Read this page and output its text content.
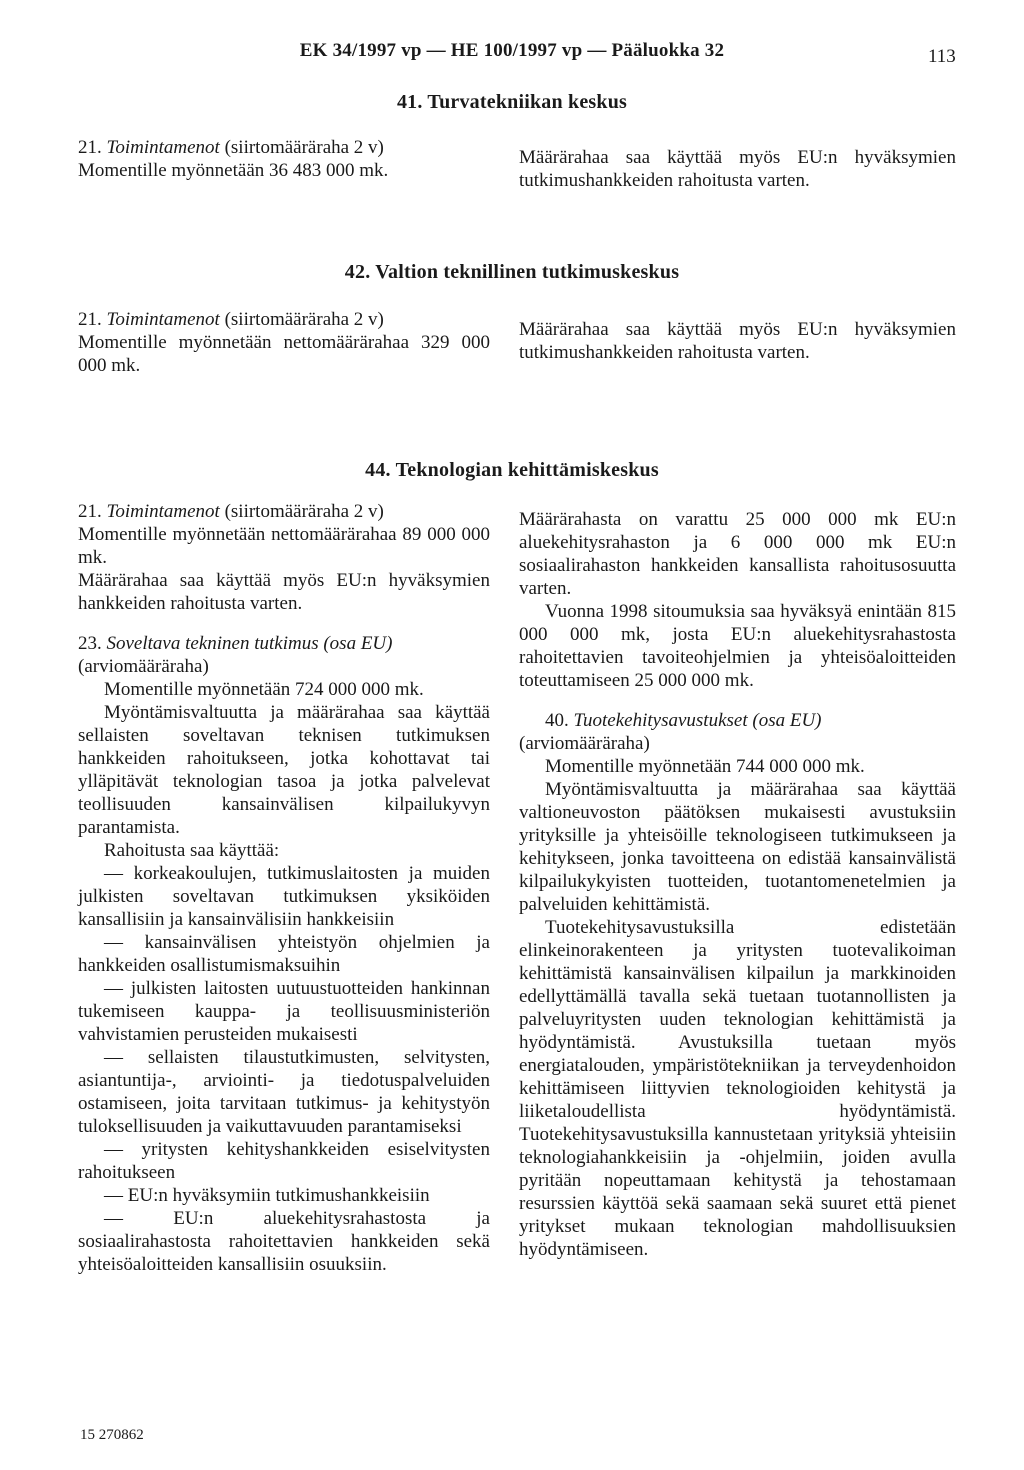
EK 34/1997 vp — HE 100/1997 vp — Pääluokka 32	113
41. Turvatekniikan keskus

21. Toimintamenot (siirtomääräraha 2 v)

Momentille myönnetään 36 483 000 mk.

Määrärahaa saa käyttää myös EU:n hyväksymien tutkimushankkeiden rahoitusta varten.

42. Valtion teknillinen tutkimuskeskus

21. Toimintamenot (siirtomääräraha 2 v)

Momentille myönnetään nettomäärärahaa 329 000 000 mk.

Määrärahaa saa käyttää myös EU:n hyväksymien tutkimushankkeiden rahoitusta varten.

44. Teknologian kehittämiskeskus

21. Toimintamenot (siirtomääräraha 2 v)

Momentille myönnetään nettomäärärahaa 89 000 000 mk.

Määrärahaa saa käyttää myös EU:n hyväksymien hankkeiden rahoitusta varten.

23. Soveltava tekninen tutkimus (osa EU) (arviomääräraha)

Momentille myönnetään 724 000 000 mk.

Myöntämisvaltuutta ja määrärahaa saa käyttää sellaisten soveltavan teknisen tutkimuksen hankkeiden rahoitukseen, jotka kohottavat tai ylläpitävät teknologian tasoa ja jotka palvelevat teollisuuden kansainvälisen kilpailukyvyn parantamista.

Rahoitusta saa käyttää:

— korkeakoulujen, tutkimuslaitosten ja muiden julkisten soveltavan tutkimuksen yksiköiden kansallisiin ja kansainvälisiin hankkeisiin

— kansainvälisen yhteistyön ohjelmien ja hankkeiden osallistumismaksuihin

— julkisten laitosten uutuustuotteiden hankinnan tukemiseen kauppa- ja teollisuusministeriön vahvistamien perusteiden mukaisesti

— sellaisten tilaustutkimusten, selvitysten, asiantuntija-, arviointi- ja tiedotuspalveluiden ostamiseen, joita tarvitaan tutkimus- ja kehitystyön tuloksellisuuden ja vaikuttavuuden parantamiseksi

— yritysten kehityshankkeiden esiselvitysten rahoitukseen

— EU:n hyväksymiin tutkimushankkeisiin

— EU:n aluekehitysrahastosta ja sosiaalirahastosta rahoitettavien hankkeiden sekä yhteisöaloitteiden kansallisiin osuuksiin.

Määrärahasta on varattu 25 000 000 mk EU:n aluekehitysrahaston ja 6 000 000 mk EU:n sosiaalirahaston hankkeiden kansallista rahoitusosuutta varten.

Vuonna 1998 sitoumuksia saa hyväksyä enintään 815 000 000 mk, josta EU:n aluekehitysrahastosta rahoitettavien tavoiteohjelmien ja yhteisöaloitteiden toteuttamiseen 25 000 000 mk.

40. Tuotekehitysavustukset (osa EU) (arviomääräraha)

Momentille myönnetään 744 000 000 mk.

Myöntämisvaltuutta ja määrärahaa saa käyttää valtioneuvoston päätöksen mukaisesti avustuksiin yrityksille ja yhteisöille teknologiseen tutkimukseen ja kehitykseen, jonka tavoitteena on edistää kansainvälistä kilpailukykyisten tuotteiden, tuotantomenetelmien ja palveluiden kehittämistä.

Tuotekehitysavustuksilla edistetään elinkeinorakenteen ja yritysten tuotevalikoiman kehittämistä kansainvälisen kilpailun ja markkinoiden edellyttämällä tavalla sekä tuetaan tuotannollisten ja palveluyritysten uuden teknologian kehittämistä ja hyödyntämistä. Avustuksilla tuetaan myös energiatalouden, ympäristötekniikan ja terveydenhoidon kehittämiseen liittyvien teknologioiden kehitystä ja liiketaloudellista hyödyntämistä. Tuotekehitysavustuksilla kannustetaan yrityksiä yhteisiin teknologiahankkeisiin ja -ohjelmiin, joiden avulla pyritään nopeuttamaan kehitystä ja tehostamaan resurssien käyttöä sekä saamaan sekä suuret että pienet yritykset mukaan teknologian mahdollisuuksien hyödyntämiseen.

15 270862
